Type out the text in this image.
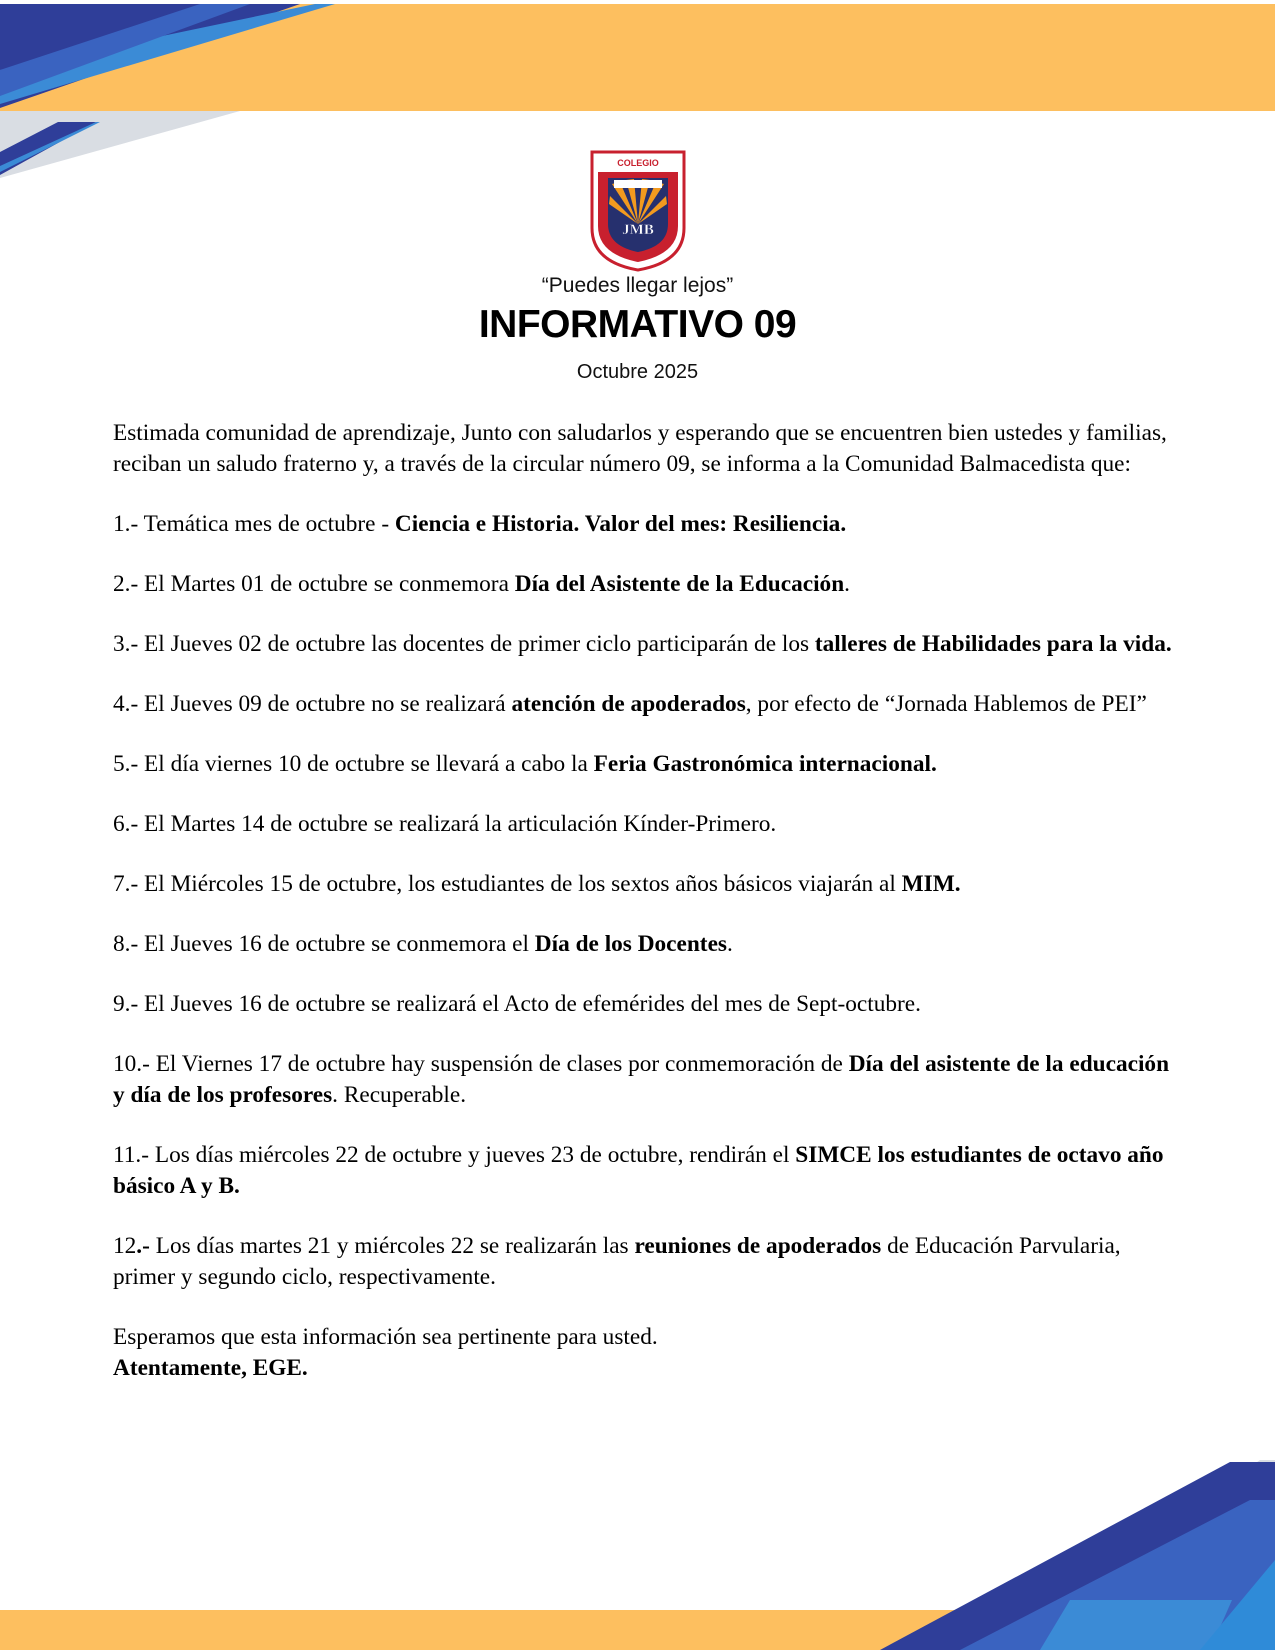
COLEGIO
JMB
“Puedes llegar lejos”
INFORMATIVO 09
Octubre 2025

Estimada comunidad de aprendizaje, Junto con saludarlos y esperando que se encuentren bien ustedes y familias, reciban un saludo fraterno y, a través de la circular número 09, se informa a la Comunidad Balmacedista que:

1.- Temática mes de octubre - Ciencia e Historia. Valor del mes: Resiliencia.

2.- El Martes 01 de octubre se conmemora Día del Asistente de la Educación.

3.- El Jueves 02 de octubre las docentes de primer ciclo participarán de los talleres de Habilidades para la vida.

4.- El Jueves 09 de octubre no se realizará atención de apoderados, por efecto de “Jornada Hablemos de PEI”

5.- El día viernes 10 de octubre se llevará a cabo la Feria Gastronómica internacional.

6.- El Martes 14 de octubre se realizará la articulación Kínder-Primero.

7.- El Miércoles 15 de octubre, los estudiantes de los sextos años básicos viajarán al MIM.

8.- El Jueves 16 de octubre se conmemora el Día de los Docentes.

9.- El Jueves 16 de octubre se realizará el Acto de efemérides del mes de Sept-octubre.

10.- El Viernes 17 de octubre hay suspensión de clases por conmemoración de Día del asistente de la educación y día de los profesores. Recuperable.

11.- Los días miércoles 22 de octubre y jueves 23 de octubre, rendirán el SIMCE los estudiantes de octavo año básico A y B.

12.- Los días martes 21 y miércoles 22 se realizarán las reuniones de apoderados de Educación Parvularia, primer y segundo ciclo, respectivamente.

Esperamos que esta información sea pertinente para usted.

Atentamente, EGE.
